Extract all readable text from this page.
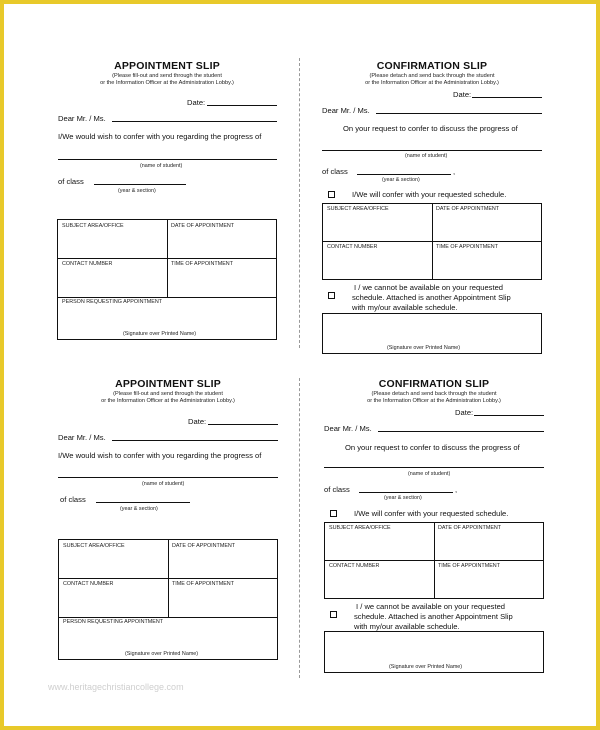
APPOINTMENT SLIP
(Please fill-out and send through the student
or the Information Officer at the Administration Lobby.)
Date:
Dear Mr. / Ms.
I/We would wish to confer with you regarding the progress of
(name of student)
of class
(year & section)
SUBJECT AREA/OFFICE	DATE OF APPOINTMENT
CONTACT NUMBER	TIME OF APPOINTMENT
PERSON REQUESTING APPOINTMENT
(Signature over Printed Name)
CONFIRMATION SLIP
(Please detach and send back through the student
or the Information Officer at the Administration Lobby.)
Date:
Dear Mr. / Ms.
On your request to confer to discuss the progress of
(name of student)
of class	,
(year & section)
I/We will confer with your requested schedule.
SUBJECT AREA/OFFICE	DATE OF APPOINTMENT
CONTACT NUMBER	TIME OF APPOINTMENT
I / we cannot be available on your requested
schedule. Attached is another Appointment Slip
with my/our available schedule.
(Signature over Printed Name)
APPOINTMENT SLIP
(Please fill-out and send through the student
or the Information Officer at the Administration Lobby.)
Date:
Dear Mr. / Ms.
I/We would wish to confer with you regarding the progress of
(name of student)
of class
(year & section)
SUBJECT AREA/OFFICE	DATE OF APPOINTMENT
CONTACT NUMBER	TIME OF APPOINTMENT
PERSON REQUESTING APPOINTMENT
(Signature over Printed Name)
CONFIRMATION SLIP
(Please detach and send back through the student
or the Information Officer at the Administration Lobby.)
Date:
Dear Mr. / Ms.
On your request to confer to discuss the progress of
(name of student)
of class	,
(year & section)
I/We will confer with your requested schedule.
SUBJECT AREA/OFFICE	DATE OF APPOINTMENT
CONTACT NUMBER	TIME OF APPOINTMENT
I / we cannot be available on your requested
schedule. Attached is another Appointment Slip
with my/our available schedule.
(Signature over Printed Name)
www.heritagechristiancollege.com
